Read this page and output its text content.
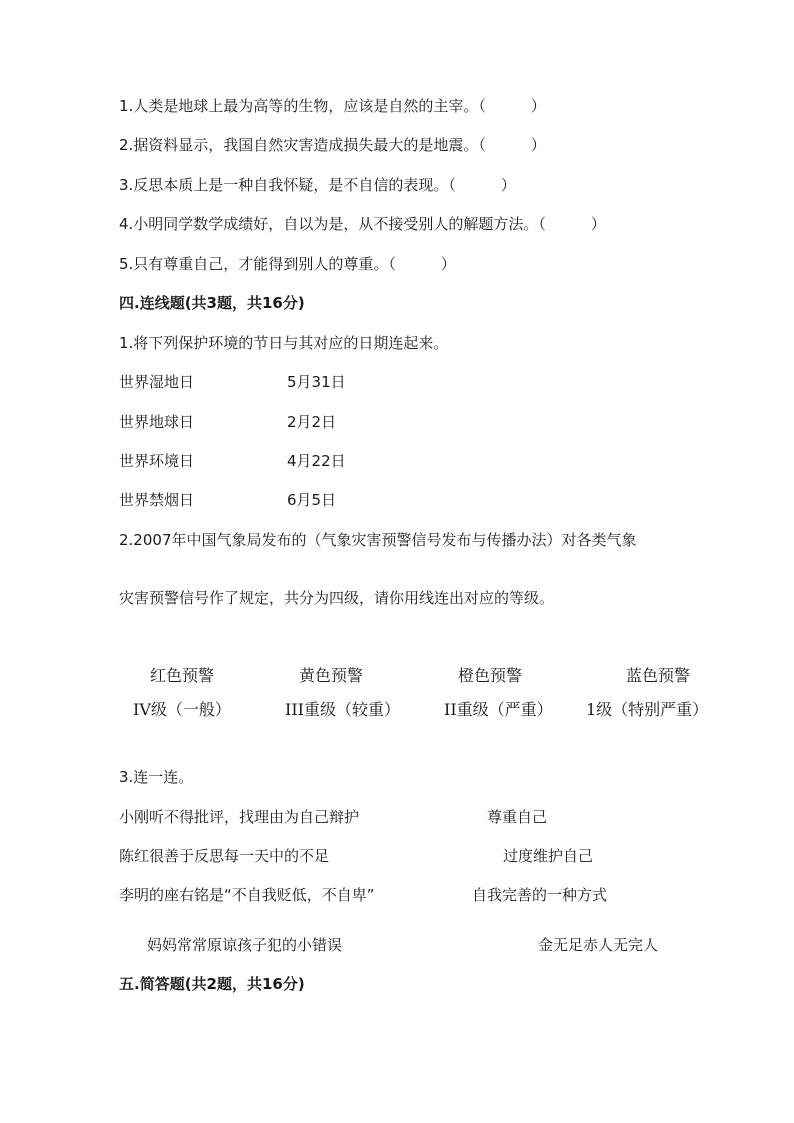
1.人类是地球上最为高等的生物，应该是自然的主宰。（　　　）
2.据资料显示，我国自然灾害造成损失最大的是地震。（　　　）
3.反思本质上是一种自我怀疑，是不自信的表现。（　　　）
4.小明同学数学成绩好，自以为是，从不接受别人的解题方法。（　　　）
5.只有尊重自己，才能得到别人的尊重。（　　　）
四.连线题(共3题，共16分)
1.将下列保护环境的节日与其对应的日期连起来。
世界湿地日	5月31日
世界地球日	2月2日
世界环境日	4月22日
世界禁烟日	6月5日
2.2007年中国气象局发布的（气象灾害预警信号发布与传播办法）对各类气象
灾害预警信号作了规定，共分为四级，请你用线连出对应的等级。
红色预警	黄色预警	橙色预警	蓝色预警
IV级（一般）	III重级（较重）	II重级（严重） 1级（特别严重）
3.连一连。
小刚听不得批评，找理由为自己辩护	尊重自己
陈红很善于反思每一天中的不足	过度维护自己
李明的座右铭是“不自我贬低，不自卑”	自我完善的一种方式
妈妈常常原谅孩子犯的小错误	金无足赤人无完人
五.简答题(共2题，共16分)
